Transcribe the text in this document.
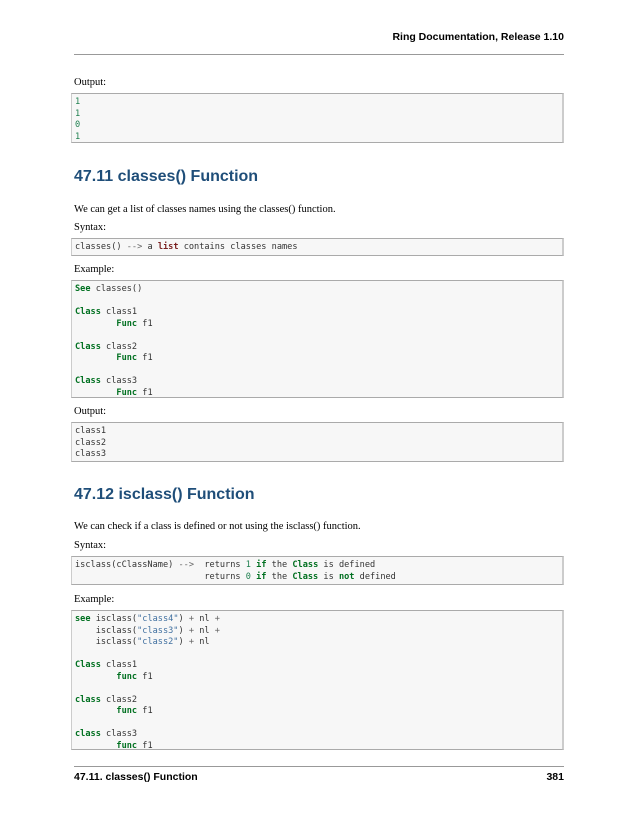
Ring Documentation, Release 1.10
Output:
1
1
0
1
47.11 classes() Function
We can get a list of classes names using the classes() function.
Syntax:
classes() --> a list contains classes names
Example:
See classes()

Class class1
Func f1

Class class2
Func f1

Class class3
Func f1
Output:
class1
class2
class3
47.12 isclass() Function
We can check if a class is defined or not using the isclass() function.
Syntax:
isclass(cClassName) -->  returns 1 if the Class is defined
returns 0 if the Class is not defined
Example:
see isclass("class4") + nl +
isclass("class3") + nl +
isclass("class2") + nl

Class class1
func f1

class class2
func f1

class class3
func f1
47.11. classes() Function	381
